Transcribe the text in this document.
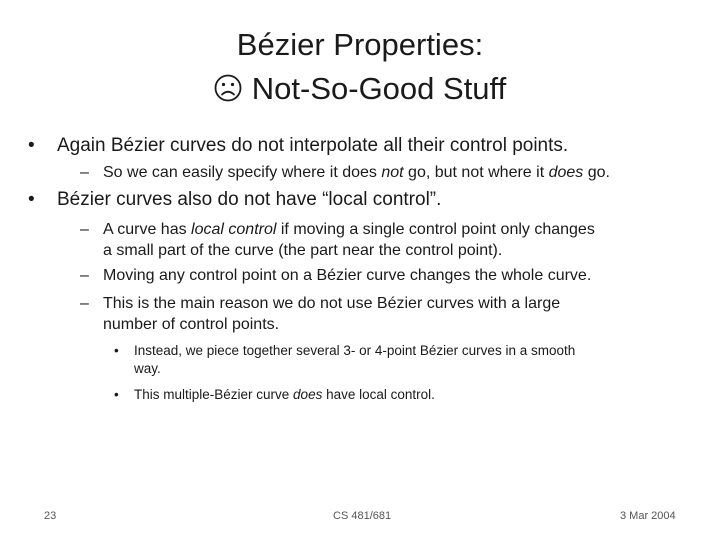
Bézier Properties:
Not-So-Good Stuff
• Again Bézier curves do not interpolate all their control points.
– So we can easily specify where it does not go, but not where it does go.
• Bézier curves also do not have “local control”.
– A curve has local control if moving a single control point only changes
a small part of the curve (the part near the control point).
– Moving any control point on a Bézier curve changes the whole curve.
– This is the main reason we do not use Bézier curves with a large
number of control points.
• Instead, we piece together several 3- or 4-point Bézier curves in a smooth
way.
• This multiple-Bézier curve does have local control.
23	CS 481/681	3 Mar 2004
